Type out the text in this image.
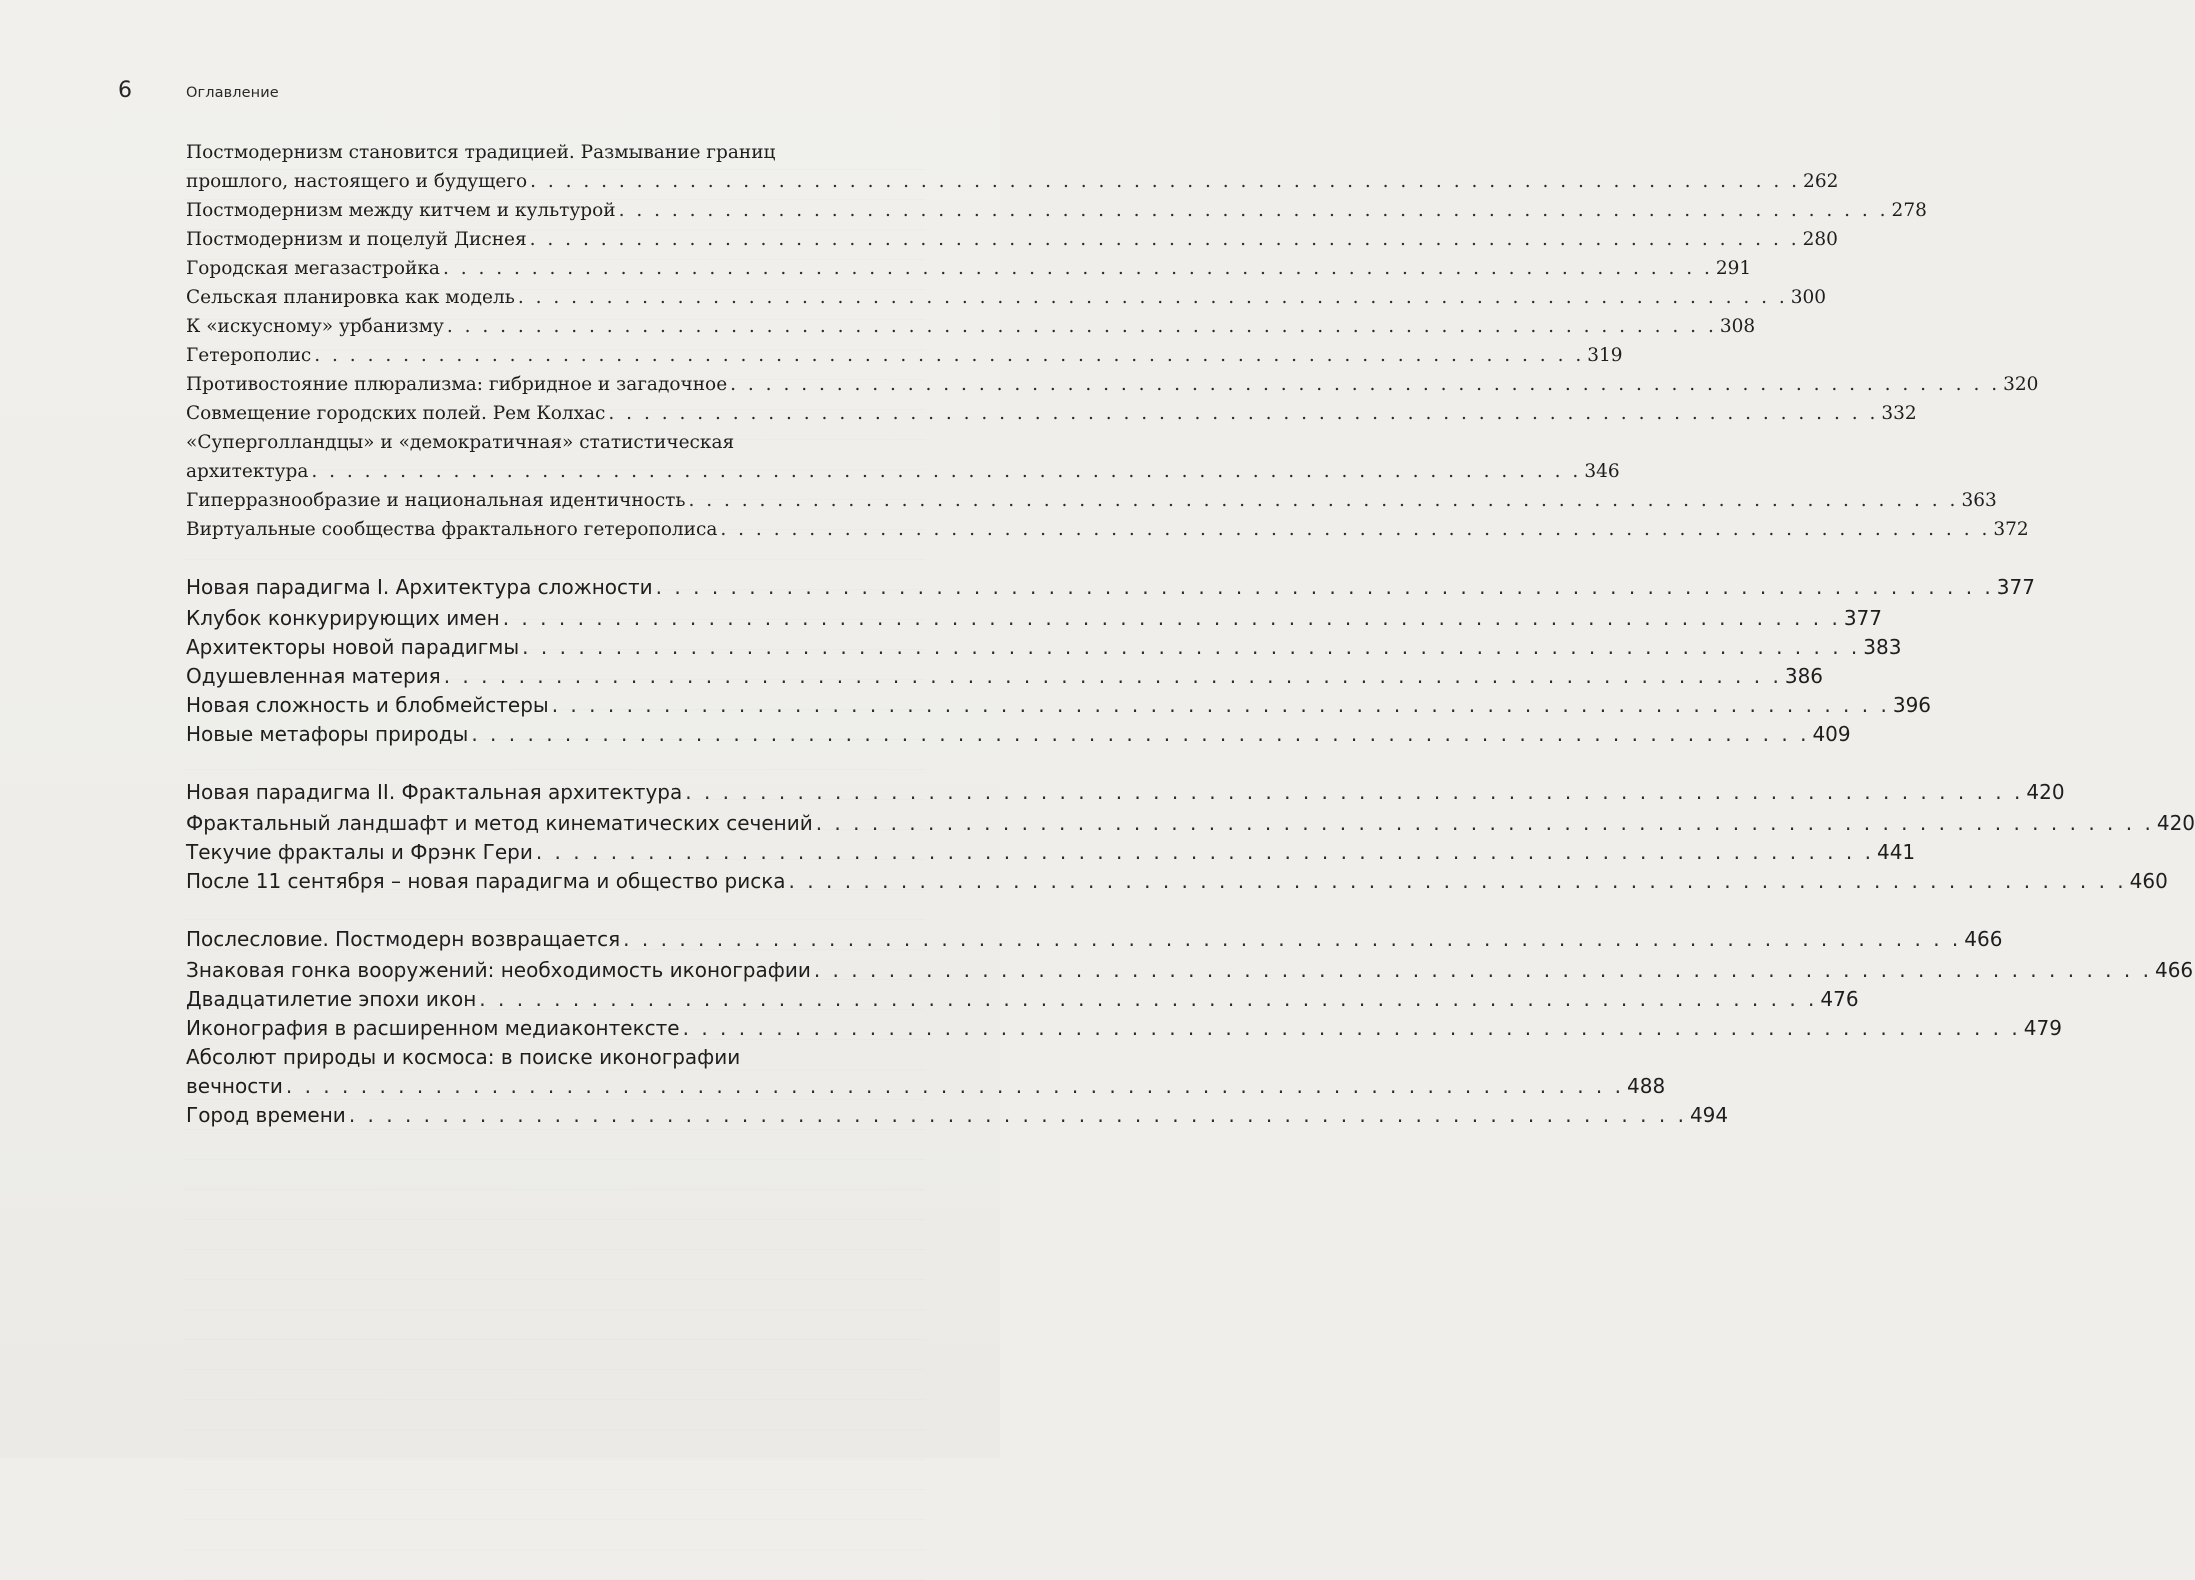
6	Оглавление
Постмодернизм становится традицией. Размывание границ
прошлого, настоящего и будущего . . . . . . . . . . . . . . . . . . . . . . . . . . . . . . . . . . . . . . . . . . . . . . . . . . . . . . . . . . . . . . . . . . . . . . . . 262
Постмодернизм между китчем и культурой . . . . . . . . . . . . . . . . . . . . . . . . . . . . . . . . . . . . . . . . . . . . . . . . . . . . . . . . . . . . . . . . . . . . . . . . 278
Постмодернизм и поцелуй Диснея . . . . . . . . . . . . . . . . . . . . . . . . . . . . . . . . . . . . . . . . . . . . . . . . . . . . . . . . . . . . . . . . . . . . . . . . 280
Городская мегазастройка . . . . . . . . . . . . . . . . . . . . . . . . . . . . . . . . . . . . . . . . . . . . . . . . . . . . . . . . . . . . . . . . . . . . . . . . 291
Сельская планировка как модель . . . . . . . . . . . . . . . . . . . . . . . . . . . . . . . . . . . . . . . . . . . . . . . . . . . . . . . . . . . . . . . . . . . . . . . . 300
К «искусному» урбанизму . . . . . . . . . . . . . . . . . . . . . . . . . . . . . . . . . . . . . . . . . . . . . . . . . . . . . . . . . . . . . . . . . . . . . . . . 308
Гетерополис . . . . . . . . . . . . . . . . . . . . . . . . . . . . . . . . . . . . . . . . . . . . . . . . . . . . . . . . . . . . . . . . . . . . . . . . 319
Противостояние плюрализма: гибридное и загадочное . . . . . . . . . . . . . . . . . . . . . . . . . . . . . . . . . . . . . . . . . . . . . . . . . . . . . . . . . . . . . . . . . . . . . . . . 320
Совмещение городских полей. Рем Колхас . . . . . . . . . . . . . . . . . . . . . . . . . . . . . . . . . . . . . . . . . . . . . . . . . . . . . . . . . . . . . . . . . . . . . . . . 332
«Суперголландцы» и «демократичная» статистическая
архитектура . . . . . . . . . . . . . . . . . . . . . . . . . . . . . . . . . . . . . . . . . . . . . . . . . . . . . . . . . . . . . . . . . . . . . . . . 346
Гиперразнообразие и национальная идентичность . . . . . . . . . . . . . . . . . . . . . . . . . . . . . . . . . . . . . . . . . . . . . . . . . . . . . . . . . . . . . . . . . . . . . . . . 363
Виртуальные сообщества фрактального гетерополиса . . . . . . . . . . . . . . . . . . . . . . . . . . . . . . . . . . . . . . . . . . . . . . . . . . . . . . . . . . . . . . . . . . . . . . . . 372
Новая парадигма I. Архитектура сложности . . . . . . . . . . . . . . . . . . . . . . . . . . . . . . . . . . . . . . . . . . . . . . . . . . . . . . . . . . . . . . . . . . . . . . . . 377
Клубок конкурирующих имен . . . . . . . . . . . . . . . . . . . . . . . . . . . . . . . . . . . . . . . . . . . . . . . . . . . . . . . . . . . . . . . . . . . . . . . . 377
Архитекторы новой парадигмы . . . . . . . . . . . . . . . . . . . . . . . . . . . . . . . . . . . . . . . . . . . . . . . . . . . . . . . . . . . . . . . . . . . . . . . . 383
Одушевленная материя . . . . . . . . . . . . . . . . . . . . . . . . . . . . . . . . . . . . . . . . . . . . . . . . . . . . . . . . . . . . . . . . . . . . . . . . 386
Новая сложность и блобмейстеры . . . . . . . . . . . . . . . . . . . . . . . . . . . . . . . . . . . . . . . . . . . . . . . . . . . . . . . . . . . . . . . . . . . . . . . . 396
Новые метафоры природы . . . . . . . . . . . . . . . . . . . . . . . . . . . . . . . . . . . . . . . . . . . . . . . . . . . . . . . . . . . . . . . . . . . . . . . . 409
Новая парадигма II. Фрактальная архитектура . . . . . . . . . . . . . . . . . . . . . . . . . . . . . . . . . . . . . . . . . . . . . . . . . . . . . . . . . . . . . . . . . . . . . . . . 420
Фрактальный ландшафт и метод кинематических сечений . . . . . . . . . . . . . . . . . . . . . . . . . . . . . . . . . . . . . . . . . . . . . . . . . . . . . . . . . . . . . . . . . . . . . . . . 420
Текучие фракталы и Фрэнк Гери . . . . . . . . . . . . . . . . . . . . . . . . . . . . . . . . . . . . . . . . . . . . . . . . . . . . . . . . . . . . . . . . . . . . . . . . 441
После 11 сентября – новая парадигма и общество риска . . . . . . . . . . . . . . . . . . . . . . . . . . . . . . . . . . . . . . . . . . . . . . . . . . . . . . . . . . . . . . . . . . . . . . . . 460
Послесловие. Постмодерн возвращается . . . . . . . . . . . . . . . . . . . . . . . . . . . . . . . . . . . . . . . . . . . . . . . . . . . . . . . . . . . . . . . . . . . . . . . . 466
Знаковая гонка вооружений: необходимость иконографии . . . . . . . . . . . . . . . . . . . . . . . . . . . . . . . . . . . . . . . . . . . . . . . . . . . . . . . . . . . . . . . . . . . . . . . . 466
Двадцатилетие эпохи икон . . . . . . . . . . . . . . . . . . . . . . . . . . . . . . . . . . . . . . . . . . . . . . . . . . . . . . . . . . . . . . . . . . . . . . . . 476
Иконография в расширенном медиаконтексте . . . . . . . . . . . . . . . . . . . . . . . . . . . . . . . . . . . . . . . . . . . . . . . . . . . . . . . . . . . . . . . . . . . . . . . . 479
Абсолют природы и космоса: в поиске иконографии
вечности . . . . . . . . . . . . . . . . . . . . . . . . . . . . . . . . . . . . . . . . . . . . . . . . . . . . . . . . . . . . . . . . . . . . . . . . 488
Город времени . . . . . . . . . . . . . . . . . . . . . . . . . . . . . . . . . . . . . . . . . . . . . . . . . . . . . . . . . . . . . . . . . . . . . . . . 494
